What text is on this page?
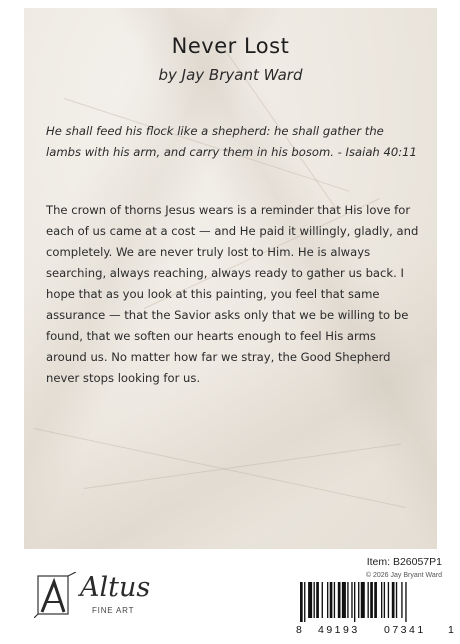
Never Lost
by Jay Bryant Ward
He shall feed his flock like a shepherd: he shall gather the lambs with his arm, and carry them in his bosom. - Isaiah 40:11
The crown of thorns Jesus wears is a reminder that His love for each of us came at a cost — and He paid it willingly, gladly, and completely. We are never truly lost to Him. He is always searching, always reaching, always ready to gather us back. I hope that as you look at this painting, you feel that same assurance — that the Savior asks only that we be willing to be found, that we soften our hearts enough to feel His arms around us. No matter how far we stray, the Good Shepherd never stops looking for us.
Altus
FINE ART
Item: B26057P1
© 2026 Jay Bryant Ward
8 49193 07341 1
